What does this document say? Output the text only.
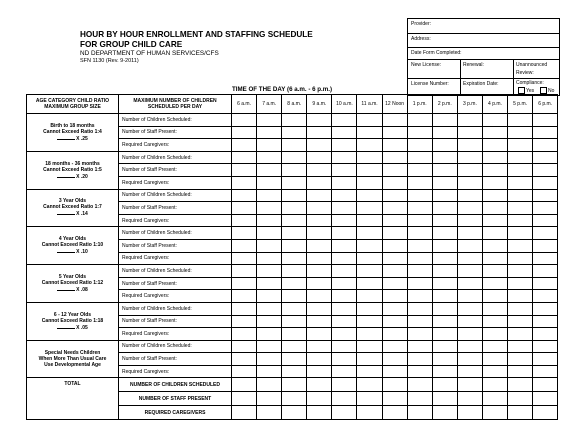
HOUR BY HOUR ENROLLMENT AND STAFFING SCHEDULE
FOR GROUP CHILD CARE
ND DEPARTMENT OF HUMAN SERVICES/CFS
SFN 1130 (Rev. 9-2011)
Provider:
Address:
Date Form Completed:
New License:	Renewal:	Unannounced
Review:
License Number:	Expiration Date:	Compliance:
Yes	No
TIME OF THE DAY (6 a.m. - 6 p.m.)
AGE CATEGORY CHILD RATIO MAXIMUM GROUP SIZE	MAXIMUM NUMBER OF CHILDREN SCHEDULED PER DAY	6 a.m.	7 a.m.	8 a.m.	9 a.m.	10 a.m.	11 a.m.	12 Noon	1 p.m.	2 p.m.	3 p.m.	4 p.m.	5 p.m.	6 p.m.

Birth to 18 months
Cannot Exceed Ratio 1:4
X .25	Number of Children Scheduled:													
	Number of Staff Present:													
	Required Caregivers:													

18 months - 36 months
Cannot Exceed Ratio 1:5
X .20	Number of Children Scheduled:													
	Number of Staff Present:													
	Required Caregivers:													

3 Year Olds
Cannot Exceed Ratio 1:7
X .14	Number of Children Scheduled:													
	Number of Staff Present:													
	Required Caregivers:													

4 Year Olds
Cannot Exceed Ratio 1:10
X .10	Number of Children Scheduled:													
	Number of Staff Present:													
	Required Caregivers:													

5 Year Olds
Cannot Exceed Ratio 1:12
X .08	Number of Children Scheduled:													
	Number of Staff Present:													
	Required Caregivers:													

6 - 12 Year Olds
Cannot Exceed Ratio 1:18
X .05	Number of Children Scheduled:													
	Number of Staff Present:													
	Required Caregivers:													

Special Needs Children
When More Than Usual Care
Use Developmental Age	Number of Children Scheduled:													
	Number of Staff Present:													
	Required Caregivers:													
TOTAL	NUMBER OF CHILDREN SCHEDULED													
	NUMBER OF STAFF PRESENT													
	REQUIRED CAREGIVERS													
